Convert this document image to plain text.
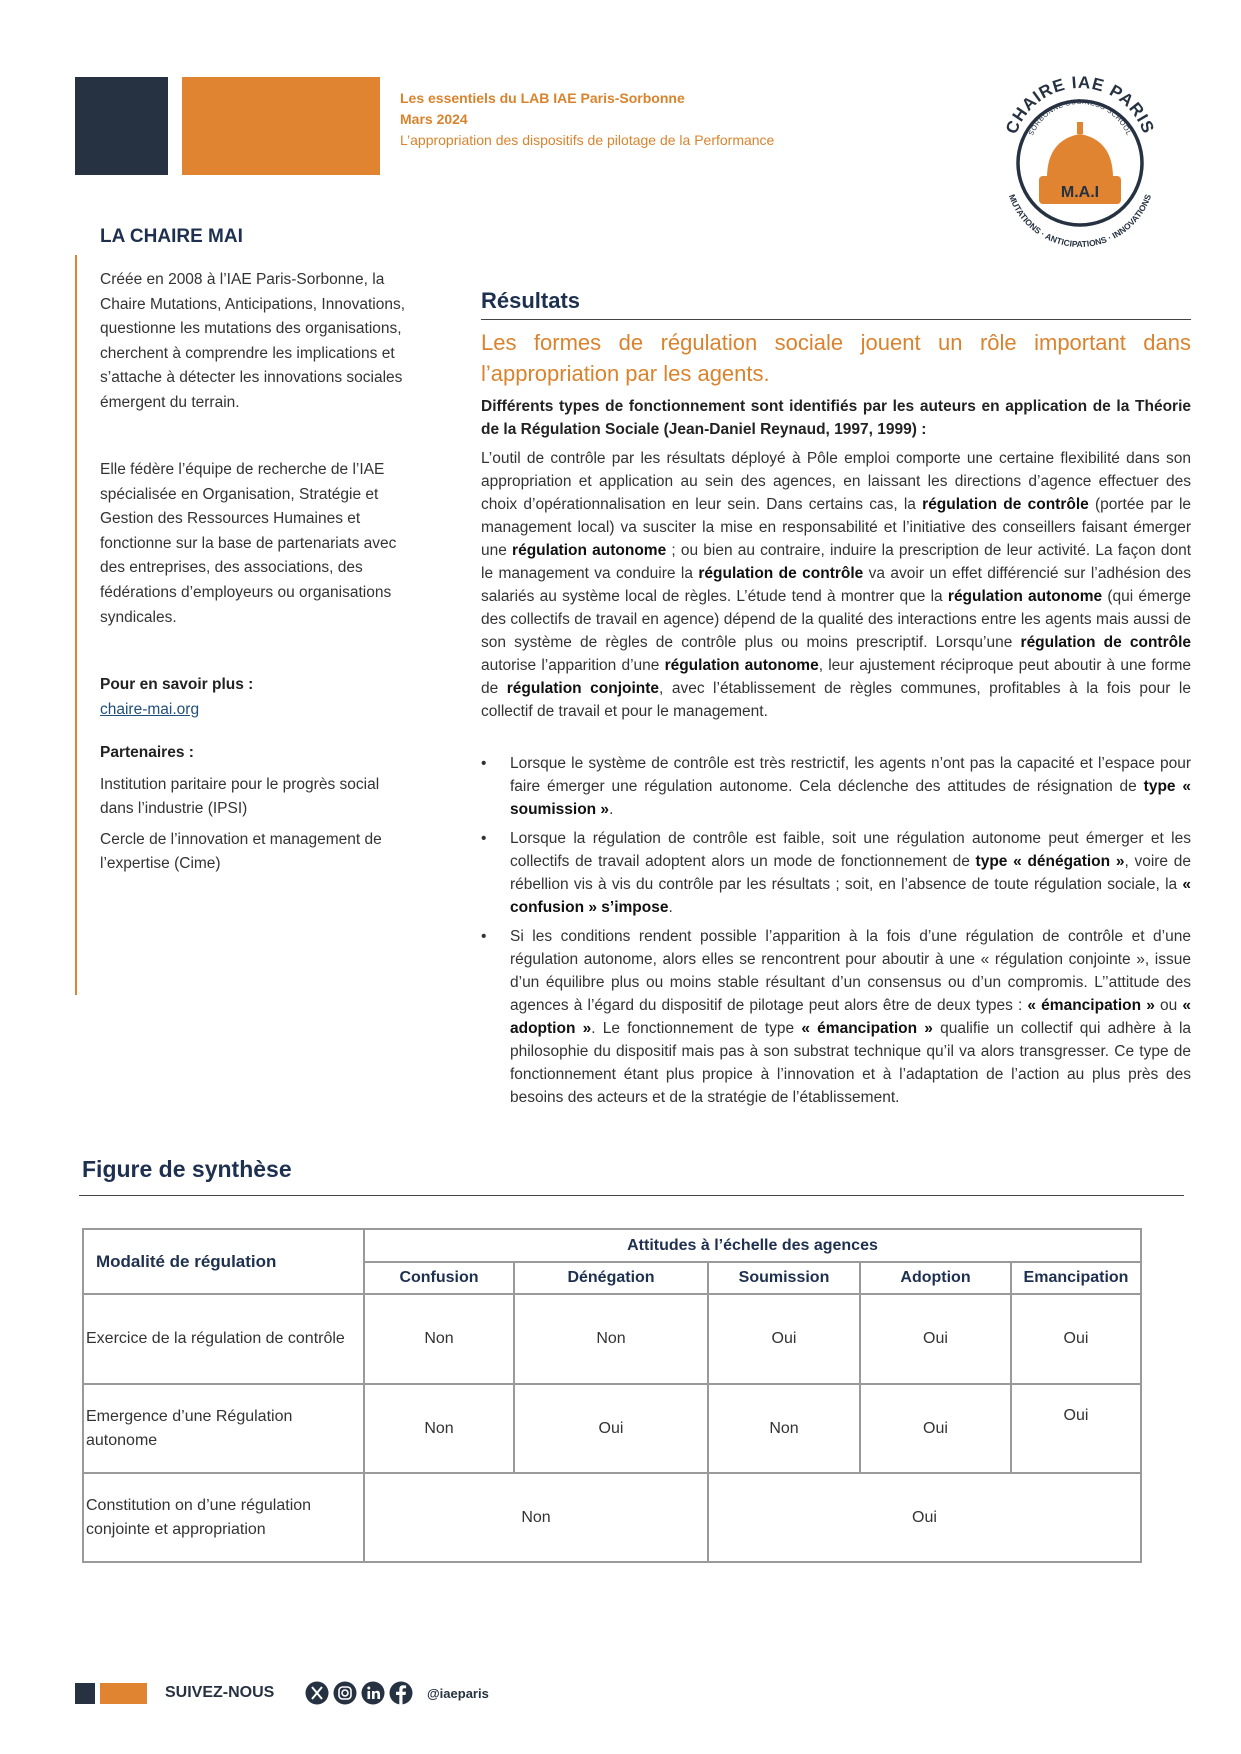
Les essentiels du LAB IAE Paris-Sorbonne
Mars 2024
L’appropriation des dispositifs de pilotage de la Performance
CHAIRE IAE PARIS
SORBONNE BUSINESS SCHOOL
M.A.I
MUTATIONS · ANTICIPATIONS · INNOVATIONS
LA CHAIRE MAI

Créée en 2008 à l’IAE Paris-Sorbonne, la Chaire Mutations, Anticipations, Innovations, questionne les mutations des organisations, cherchent à comprendre les implications et s’attache à détecter les innovations sociales émergent du terrain.

Elle fédère l’équipe de recherche de l’IAE spécialisée en Organisation, Stratégie et Gestion des Ressources Humaines et fonctionne sur la base de partenariats avec des entreprises, des associations, des fédérations d’employeurs ou organisations syndicales.

Pour en savoir plus :

chaire-mai.org

Partenaires :

Institution paritaire pour le progrès social dans l’industrie (IPSI)

Cercle de l’innovation et management de l’expertise (Cime)

Résultats
Les formes de régulation sociale jouent un rôle important dans l’appropriation par les agents.
Différents types de fonctionnement sont identifiés par les auteurs en application de la Théorie de la Régulation Sociale (Jean-Daniel Reynaud, 1997, 1999) :

L’outil de contrôle par les résultats déployé à Pôle emploi comporte une certaine flexibilité dans son appropriation et application au sein des agences, en laissant les directions d’agence effectuer des choix d’opérationnalisation en leur sein. Dans certains cas, la régulation de contrôle (portée par le management local) va susciter la mise en responsabilité et l’initiative des conseillers faisant émerger une régulation autonome ; ou bien au contraire, induire la prescription de leur activité. La façon dont le management va conduire la régulation de contrôle va avoir un effet différencié sur l’adhésion des salariés au système local de règles. L’étude tend à montrer que la régulation autonome (qui émerge des collectifs de travail en agence) dépend de la qualité des interactions entre les agents mais aussi de son système de règles de contrôle plus ou moins prescriptif. Lorsqu’une régulation de contrôle autorise l’apparition d’une régulation autonome, leur ajustement réciproque peut aboutir à une forme de régulation conjointe, avec l’établissement de règles communes, profitables à la fois pour le collectif de travail et pour le management.

• Lorsque le système de contrôle est très restrictif, les agents n’ont pas la capacité et l’espace pour faire émerger une régulation autonome. Cela déclenche des attitudes de résignation de type « soumission ».
• Lorsque la régulation de contrôle est faible, soit une régulation autonome peut émerger et les collectifs de travail adoptent alors un mode de fonctionnement de type « dénégation », voire de rébellion vis à vis du contrôle par les résultats ; soit, en l’absence de toute régulation sociale, la « confusion » s’impose.
• Si les conditions rendent possible l’apparition à la fois d’une régulation de contrôle et d’une régulation autonome, alors elles se rencontrent pour aboutir à une « régulation conjointe », issue d’un équilibre plus ou moins stable résultant d’un consensus ou d’un compromis. L’’attitude des agences à l’égard du dispositif de pilotage peut alors être de deux types : « émancipation » ou « adoption ». Le fonctionnement de type « émancipation » qualifie un collectif qui adhère à la philosophie du dispositif mais pas à son substrat technique qu’il va alors transgresser. Ce type de fonctionnement étant plus propice à l’innovation et à l’adaptation de l’action au plus près des besoins des acteurs et de la stratégie de l’établissement.
Figure de synthèse
Modalité de régulation	Attitudes à l’échelle des agences				
	Confusion	Dénégation	Soumission	Adoption	Emancipation
Exercice de la régulation de contrôle	Non	Non	Oui	Oui	Oui
Emergence d’une Régulation autonome	Non	Oui	Non	Oui	Oui
Constitution on d’une régulation conjointe et appropriation	Non		Oui		
SUIVEZ-NOUS	@iaeparis
